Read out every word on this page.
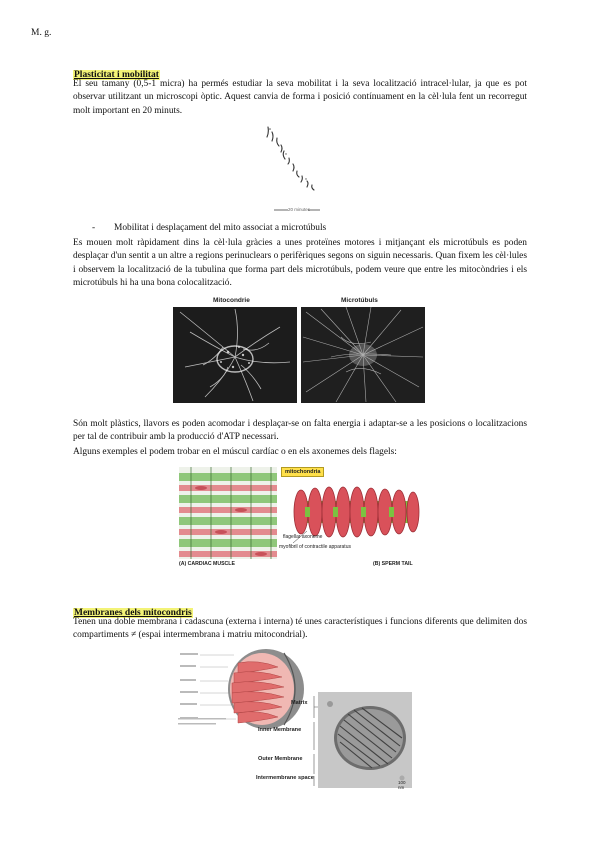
M. g.
Plasticitat i mobilitat
El seu tamany (0,5-1 micra) ha permés estudiar la seva mobilitat i la seva localització intracel·lular, ja que es pot observar utilitzant un microscopi òptic. Aquest canvia de forma i posició contínuament en la cèl·lula fent un recorregut molt important en 20 minuts.
20 minutes
- Mobilitat i desplaçament del mito associat a microtúbuls
Es mouen molt ràpidament dins la cèl·lula gràcies a unes proteïnes motores i mitjançant els microtúbuls es poden desplaçar d'un sentit a un altre a regions perinuclears o perifèriques segons on siguin necessaris. Quan fixem les cèl·lules i observem la localització de la tubulina que forma part dels microtúbuls, podem veure que entre les mitocòndries i els microtúbuls hi ha una bona colocalització.
Mitocondrie	Microtúbuls
Són molt plàstics, llavors es poden acomodar i desplaçar-se on falta energia i adaptar-se a les posicions o localitzacions per tal de contribuir amb la producció d'ATP necessari.
Alguns exemples el podem trobar en el múscul cardíac o en els axonemes dels flagels:
mitochondria
flagellar axoneme
myofibril of contractile apparatus
(A) CARDIAC MUSCLE	(B) SPERM TAIL
Membranes dels mitocondris
Tenen una doble membrana i cadascuna (externa i interna) té unes característiques i funcions diferents que delimiten dos compartiments ≠ (espai intermembrana i matriu mitocondrial).
Matrix
Inner Membrane
Outer Membrane
Intermembrane space
100 nm
